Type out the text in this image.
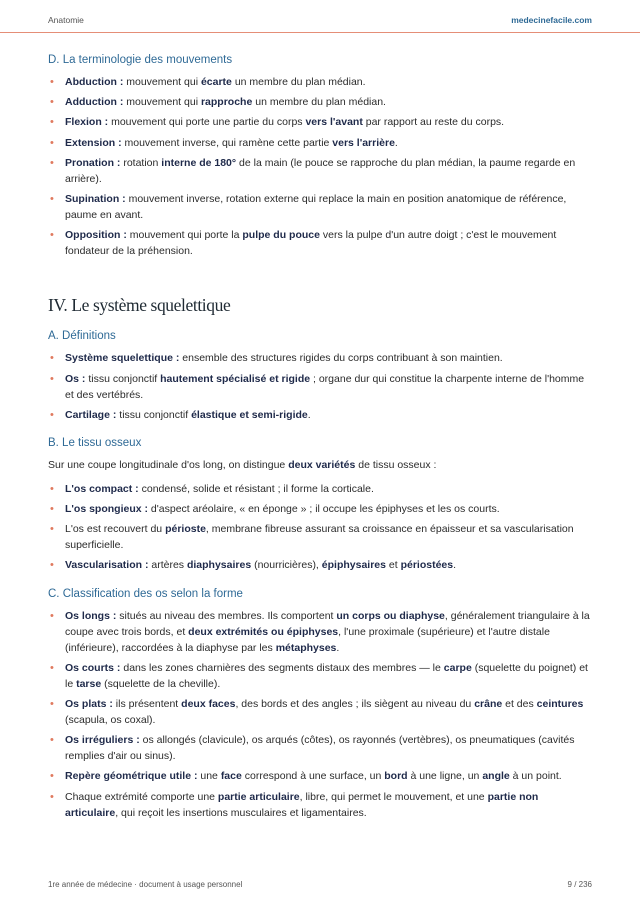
Anatomie	medecinefacile.com
D. La terminologie des mouvements
• Abduction : mouvement qui écarte un membre du plan médian.
• Adduction : mouvement qui rapproche un membre du plan médian.
• Flexion : mouvement qui porte une partie du corps vers l'avant par rapport au reste du corps.
• Extension : mouvement inverse, qui ramène cette partie vers l'arrière.
• Pronation : rotation interne de 180° de la main (le pouce se rapproche du plan médian, la paume regarde en arrière).
• Supination : mouvement inverse, rotation externe qui replace la main en position anatomique de référence, paume en avant.
• Opposition : mouvement qui porte la pulpe du pouce vers la pulpe d'un autre doigt ; c'est le mouvement fondateur de la préhension.
IV. Le système squelettique
A. Définitions
• Système squelettique : ensemble des structures rigides du corps contribuant à son maintien.
• Os : tissu conjonctif hautement spécialisé et rigide ; organe dur qui constitue la charpente interne de l'homme et des vertébrés.
• Cartilage : tissu conjonctif élastique et semi-rigide.
B. Le tissu osseux

Sur une coupe longitudinale d'os long, on distingue deux variétés de tissu osseux :

• L'os compact : condensé, solide et résistant ; il forme la corticale.
• L'os spongieux : d'aspect aréolaire, « en éponge » ; il occupe les épiphyses et les os courts.
• L'os est recouvert du périoste, membrane fibreuse assurant sa croissance en épaisseur et sa vascularisation superficielle.
• Vascularisation : artères diaphysaires (nourricières), épiphysaires et périostées.
C. Classification des os selon la forme
• Os longs : situés au niveau des membres. Ils comportent un corps ou diaphyse, généralement triangulaire à la coupe avec trois bords, et deux extrémités ou épiphyses, l'une proximale (supérieure) et l'autre distale (inférieure), raccordées à la diaphyse par les métaphyses.
• Os courts : dans les zones charnières des segments distaux des membres — le carpe (squelette du poignet) et le tarse (squelette de la cheville).
• Os plats : ils présentent deux faces, des bords et des angles ; ils siègent au niveau du crâne et des ceintures (scapula, os coxal).
• Os irréguliers : os allongés (clavicule), os arqués (côtes), os rayonnés (vertèbres), os pneumatiques (cavités remplies d'air ou sinus).
• Repère géométrique utile : une face correspond à une surface, un bord à une ligne, un angle à un point.
• Chaque extrémité comporte une partie articulaire, libre, qui permet le mouvement, et une partie non articulaire, qui reçoit les insertions musculaires et ligamentaires.
1re année de médecine · document à usage personnel	9 / 236
